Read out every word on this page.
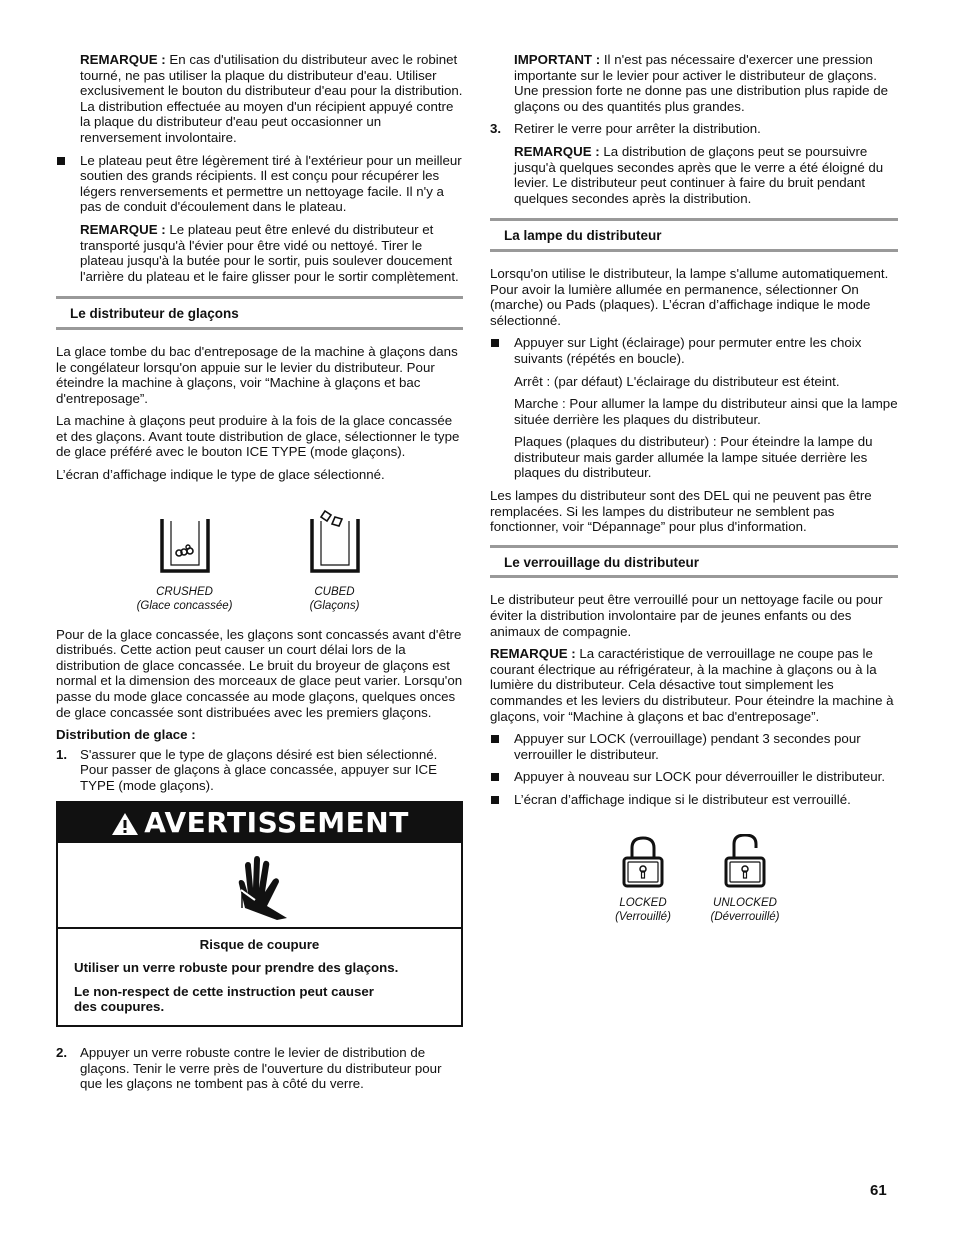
REMARQUE : En cas d'utilisation du distributeur avec le robinet tourné, ne pas utiliser la plaque du distributeur d'eau. Utiliser exclusivement le bouton du distributeur d'eau pour la distribution. La distribution effectuée au moyen d'un récipient appuyé contre la plaque du distributeur d'eau peut occasionner un renversement involontaire.

Le plateau peut être légèrement tiré à l'extérieur pour un meilleur soutien des grands récipients. Il est conçu pour récupérer les légers renversements et permettre un nettoyage facile. Il n'y a pas de conduit d'écoulement dans le plateau.

REMARQUE : Le plateau peut être enlevé du distributeur et transporté jusqu'à l'évier pour être vidé ou nettoyé. Tirer le plateau jusqu'à la butée pour le sortir, puis soulever doucement l'arrière du plateau et le faire glisser pour le sortir complètement.

Le distributeur de glaçons

La glace tombe du bac d'entreposage de la machine à glaçons dans le congélateur lorsqu'on appuie sur le levier du distributeur. Pour éteindre la machine à glaçons, voir “Machine à glaçons et bac d'entreposage”.

La machine à glaçons peut produire à la fois de la glace concassée et des glaçons. Avant toute distribution de glace, sélectionner le type de glace préféré avec le bouton ICE TYPE (mode glaçons).

L’écran d’affichage indique le type de glace sélectionné.

CRUSHED
(Glace concassée)
CUBED
(Glaçons)

Pour de la glace concassée, les glaçons sont concassés avant d'être distribués. Cette action peut causer un court délai lors de la distribution de glace concassée. Le bruit du broyeur de glaçons est normal et la dimension des morceaux de glace peut varier. Lorsqu'on passe du mode glace concassée au mode glaçons, quelques onces de glace concassée sont distribuées avec les premiers glaçons.

Distribution de glace :
1. S'assurer que le type de glaçons désiré est bien sélectionné. Pour passer de glaçons à glace concassée, appuyer sur ICE TYPE (mode glaçons).
AVERTISSEMENT
Risque de coupure

Utiliser un verre robuste pour prendre des glaçons.

Le non-respect de cette instruction peut causer des coupures.

2. Appuyer un verre robuste contre le levier de distribution de glaçons. Tenir le verre près de l'ouverture du distributeur pour que les glaçons ne tombent pas à côté du verre.

IMPORTANT : Il n'est pas nécessaire d'exercer une pression importante sur le levier pour activer le distributeur de glaçons. Une pression forte ne donne pas une distribution plus rapide de glaçons ou des quantités plus grandes.

3. Retirer le verre pour arrêter la distribution.

REMARQUE : La distribution de glaçons peut se poursuivre jusqu'à quelques secondes après que le verre a été éloigné du levier. Le distributeur peut continuer à faire du bruit pendant quelques secondes après la distribution.

La lampe du distributeur

Lorsqu'on utilise le distributeur, la lampe s'allume automatiquement. Pour avoir la lumière allumée en permanence, sélectionner On (marche) ou Pads (plaques). L’écran d’affichage indique le mode sélectionné.

Appuyer sur Light (éclairage) pour permuter entre les choix suivants (répétés en boucle).

Arrêt : (par défaut) L'éclairage du distributeur est éteint.

Marche : Pour allumer la lampe du distributeur ainsi que la lampe située derrière les plaques du distributeur.

Plaques (plaques du distributeur) : Pour éteindre la lampe du distributeur mais garder allumée la lampe située derrière les plaques du distributeur.

Les lampes du distributeur sont des DEL qui ne peuvent pas être remplacées. Si les lampes du distributeur ne semblent pas fonctionner, voir “Dépannage” pour plus d'information.

Le verrouillage du distributeur

Le distributeur peut être verrouillé pour un nettoyage facile ou pour éviter la distribution involontaire par de jeunes enfants ou des animaux de compagnie.

REMARQUE : La caractéristique de verrouillage ne coupe pas le courant électrique au réfrigérateur, à la machine à glaçons ou à la lumière du distributeur. Cela désactive tout simplement les commandes et les leviers du distributeur. Pour éteindre la machine à glaçons, voir “Machine à glaçons et bac d'entreposage”.

Appuyer sur LOCK (verrouillage) pendant 3 secondes pour verrouiller le distributeur.
Appuyer à nouveau sur LOCK pour déverrouiller le distributeur.
L’écran d’affichage indique si le distributeur est verrouillé.
LOCKED
(Verrouillé)
UNLOCKED
(Déverrouillé)
61
